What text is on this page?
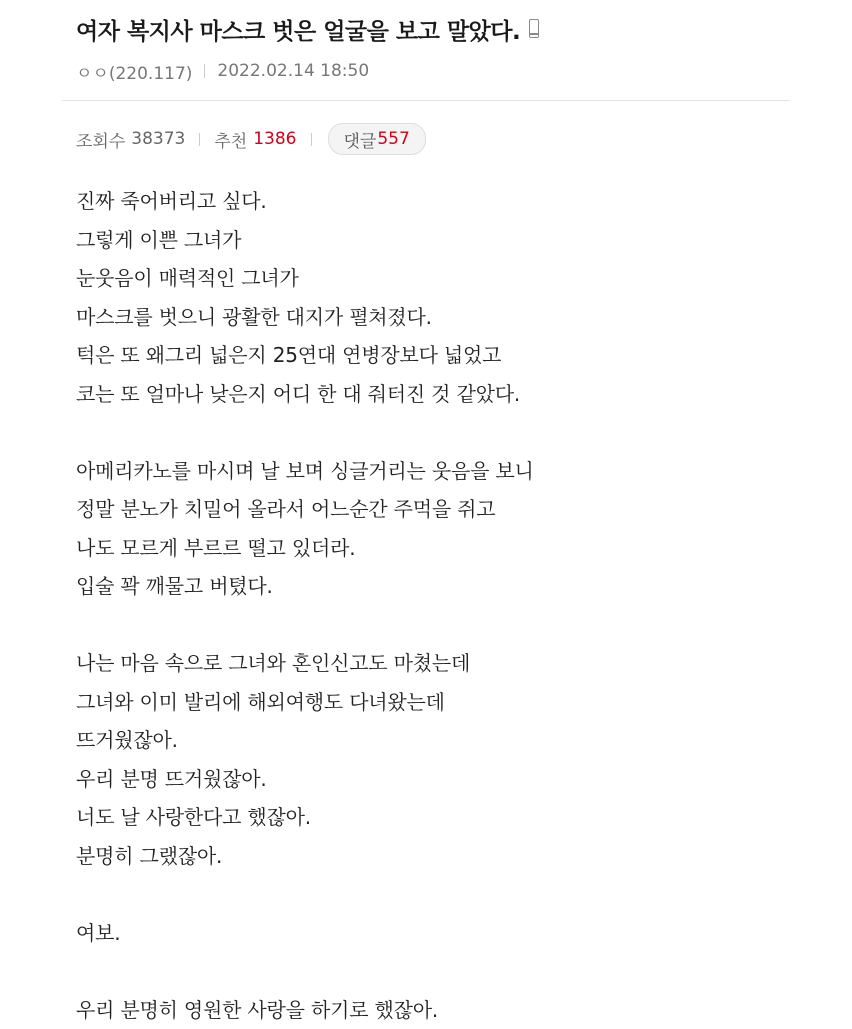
여자 복지사 마스크 벗은 얼굴을 보고 말았다.
ㅇㅇ(220.117) 2022.02.14 18:50
조회수 38373 추천 1386	댓글 557
진짜 죽어버리고 싶다.
그렇게 이쁜 그녀가
눈웃음이 매력적인 그녀가
마스크를 벗으니 광활한 대지가 펼쳐졌다.
턱은 또 왜그리 넓은지 25연대 연병장보다 넓었고
코는 또 얼마나 낮은지 어디 한 대 줘터진 것 같았다.
아메리카노를 마시며 날 보며 싱글거리는 웃음을 보니
정말 분노가 치밀어 올라서 어느순간 주먹을 쥐고
나도 모르게 부르르 떨고 있더라.
입술 꽉 깨물고 버텼다.
나는 마음 속으로 그녀와 혼인신고도 마쳤는데
그녀와 이미 발리에 해외여행도 다녀왔는데
뜨거웠잖아.
우리 분명 뜨거웠잖아.
너도 날 사랑한다고 했잖아.
분명히 그랬잖아.
여보.
우리 분명히 영원한 사랑을 하기로 했잖아.
